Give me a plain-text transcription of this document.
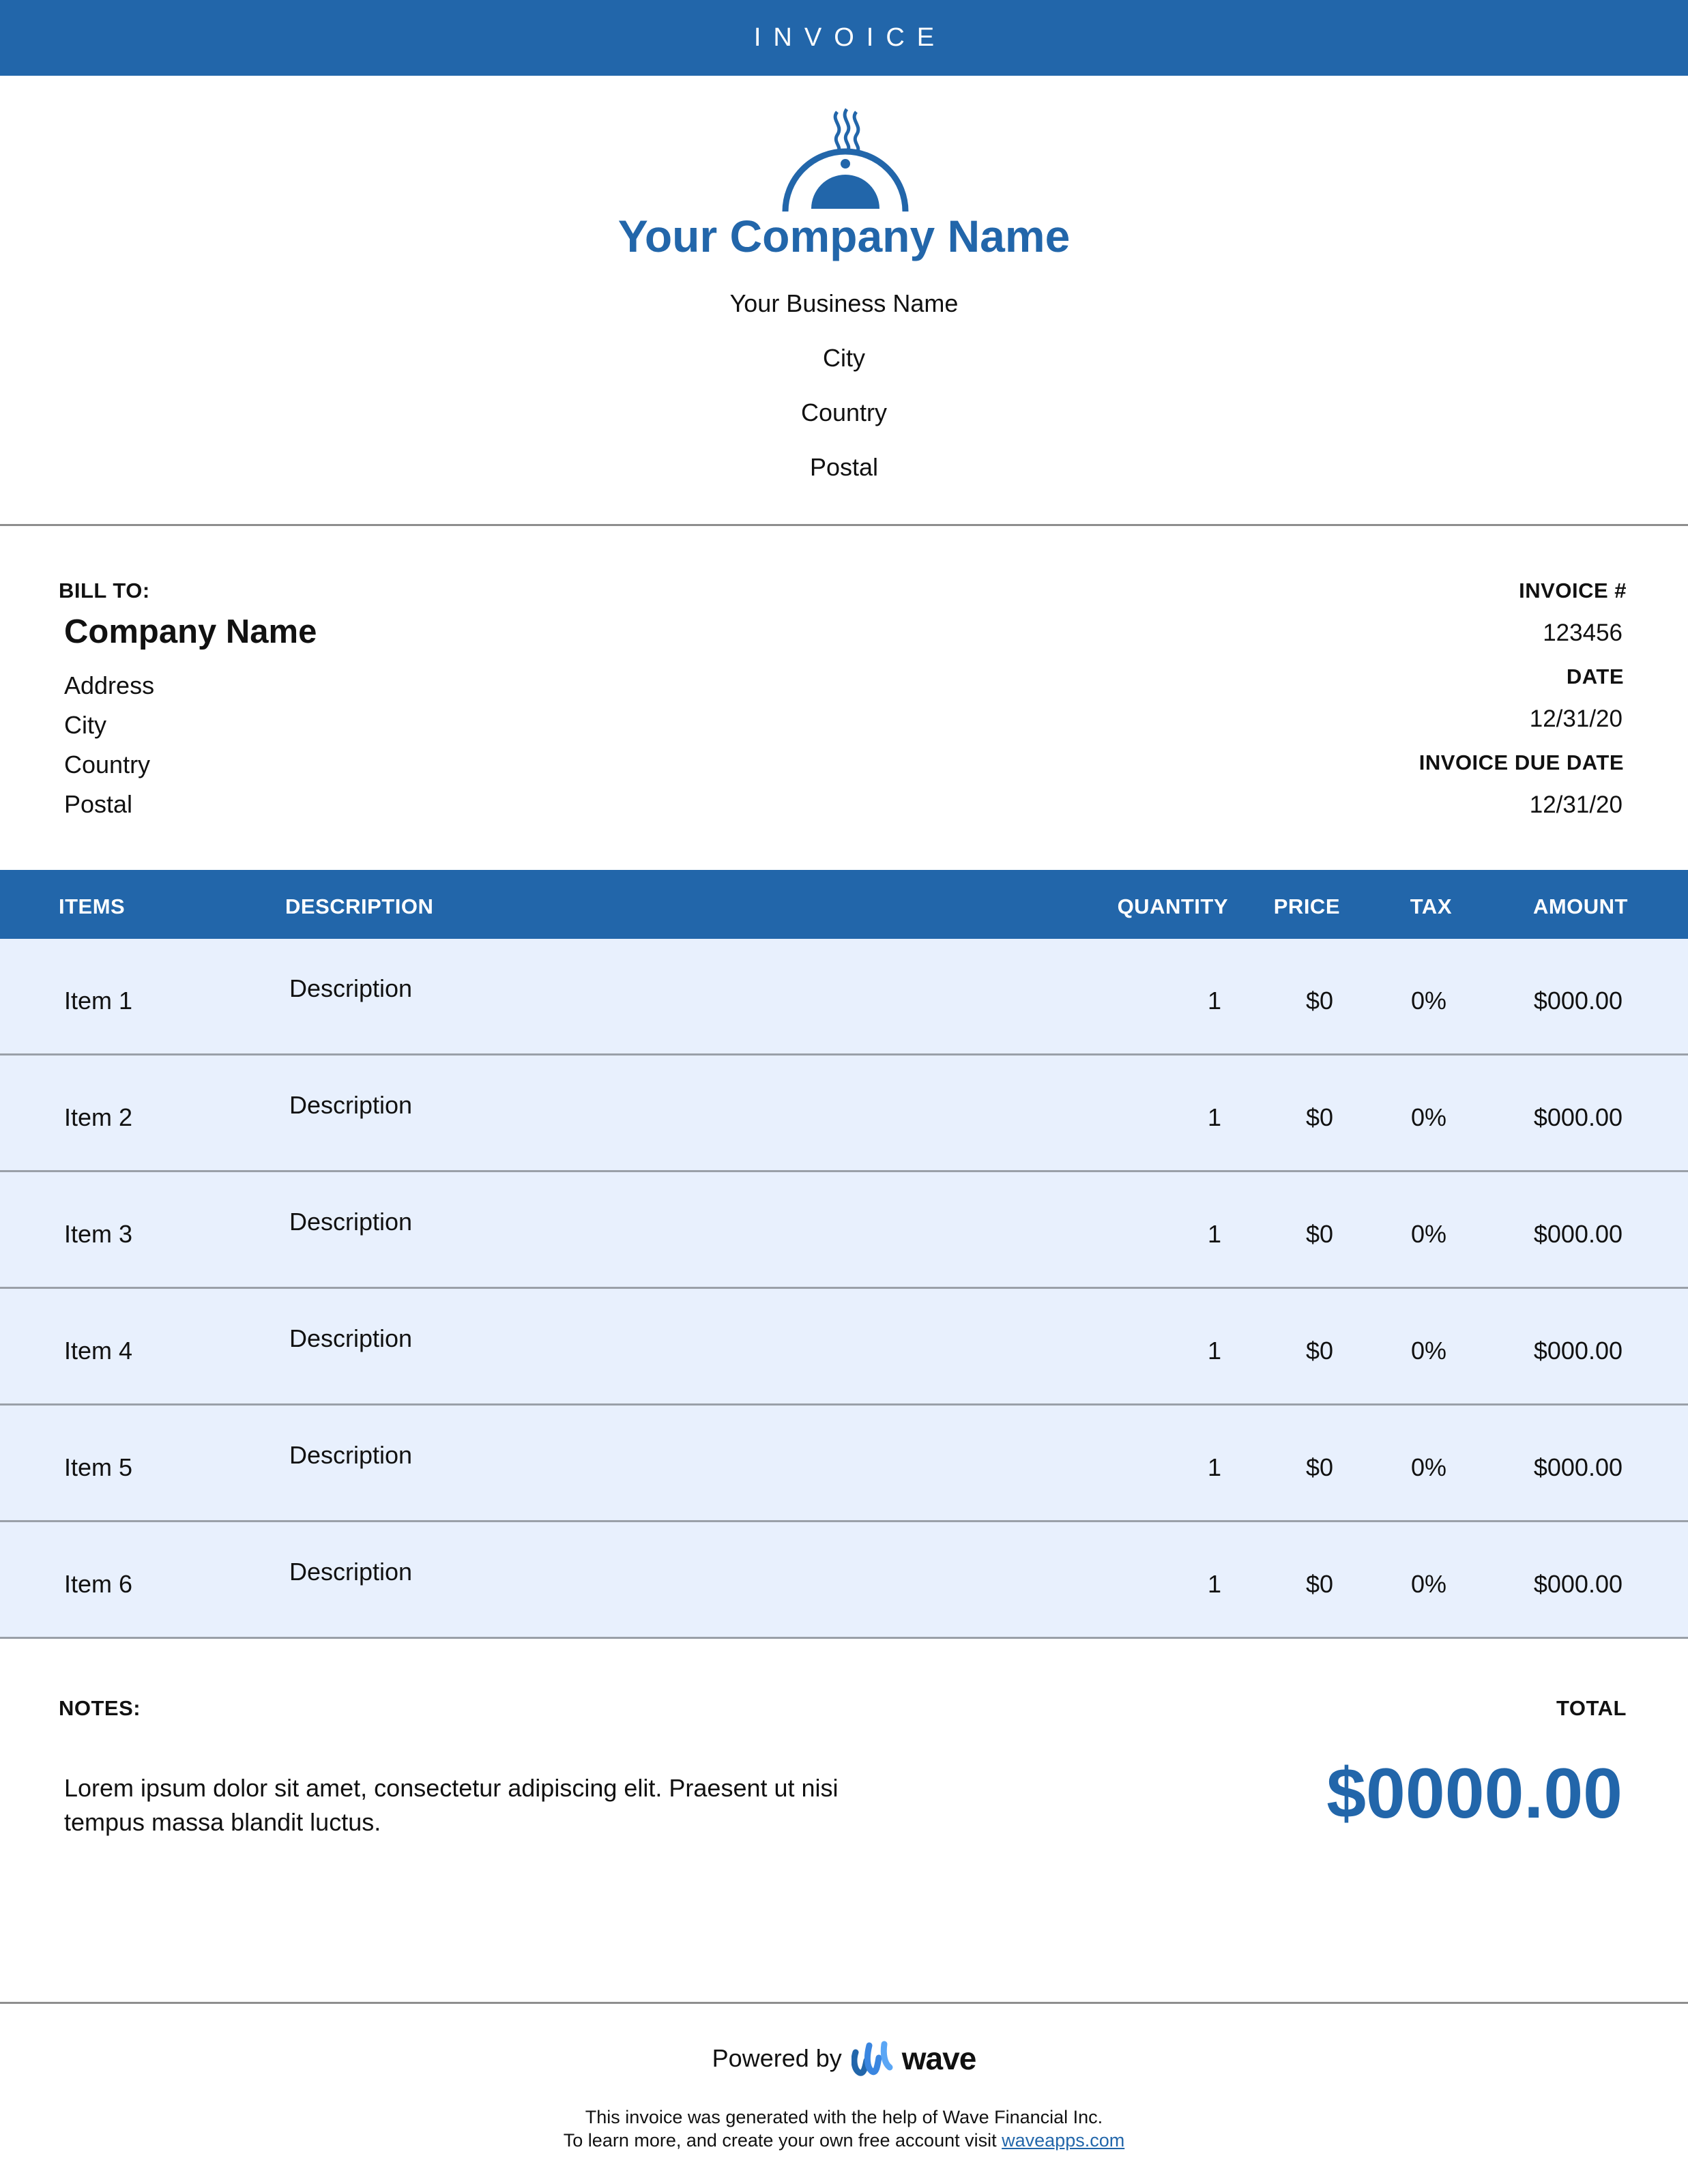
INVOICE
Your Company Name
Your Business Name
City
Country
Postal
BILL TO:
Company Name
Address
City
Country
Postal
INVOICE #
123456
DATE
12/31/20
INVOICE DUE DATE
12/31/20
ITEMS	DESCRIPTION	QUANTITY PRICE	TAX	AMOUNT
Item 1	Description	1	$0	0%	$000.00
Item 2	Description	1	$0	0%	$000.00
Item 3	Description	1	$0	0%	$000.00
Item 4	Description	1	$0	0%	$000.00
Item 5	Description	1	$0	0%	$000.00
Item 6	Description	1	$0	0%	$000.00
NOTES:
Lorem ipsum dolor sit amet, consectetur adipiscing elit. Praesent ut nisi tempus massa blandit luctus.
TOTAL
$0000.00
Powered by wave
This invoice was generated with the help of Wave Financial Inc.
To learn more, and create your own free account visit waveapps.com
